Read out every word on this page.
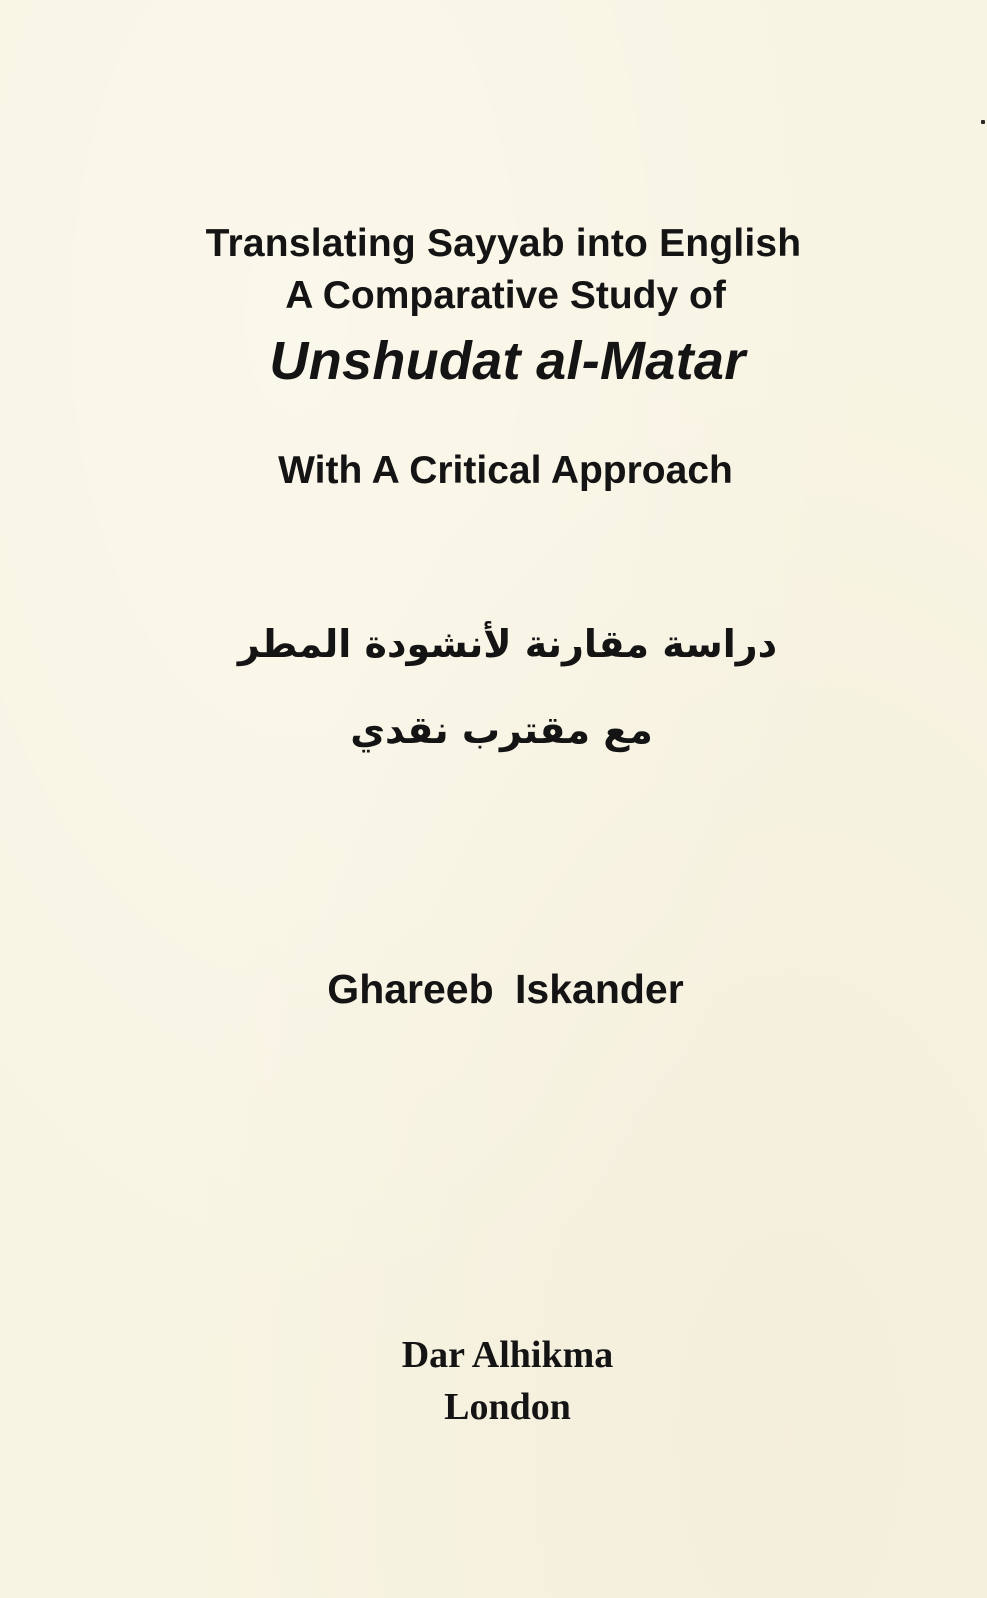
Translating Sayyab into English
A Comparative Study of
Unshudat al-Matar
With A Critical Approach
دراسة مقارنة لأنشودة المطر
مع مقترب نقدي
Ghareeb Iskander
Dar Alhikma
London
